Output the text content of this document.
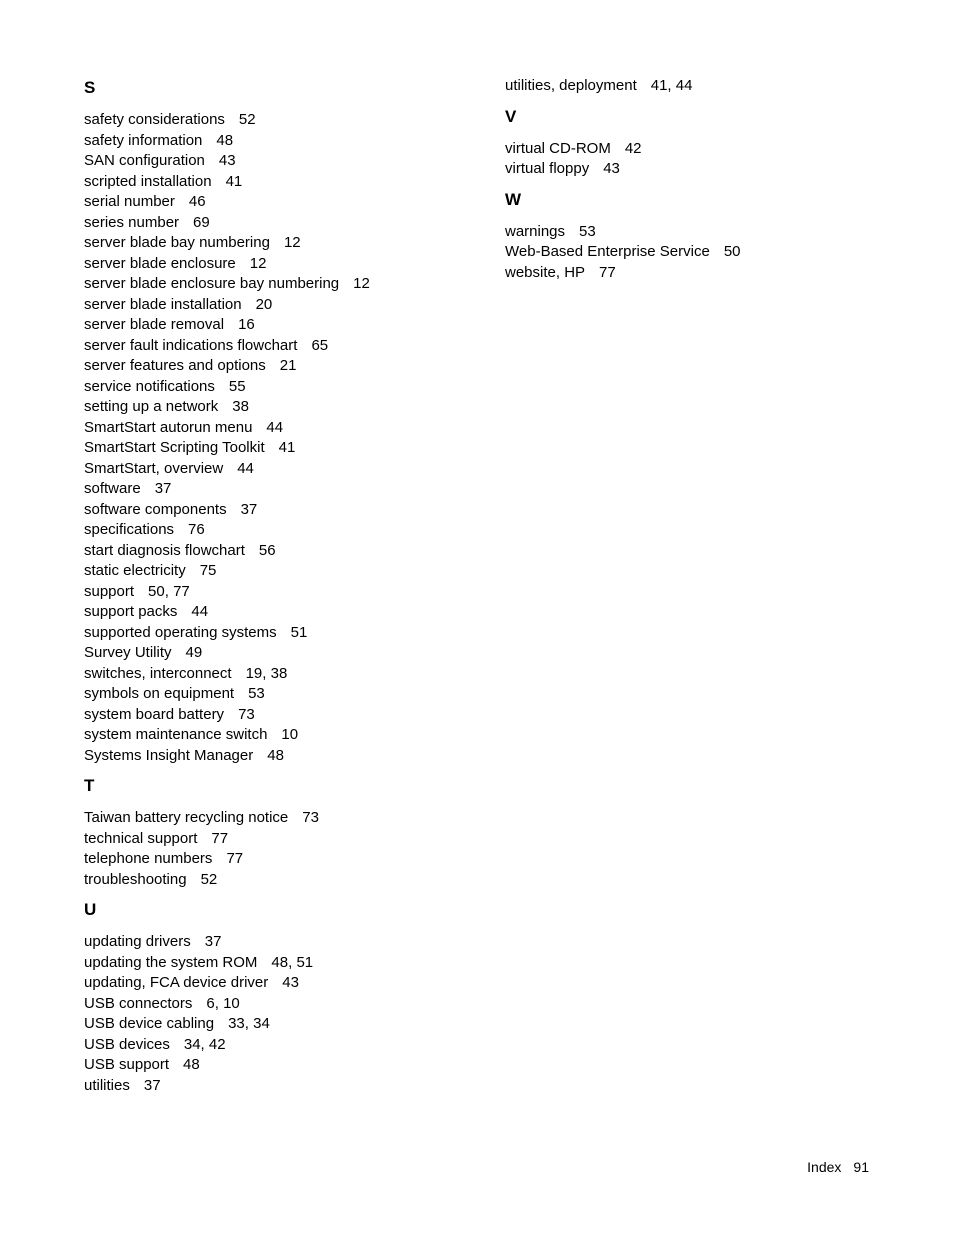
S
safety considerations 52
safety information 48
SAN configuration 43
scripted installation 41
serial number 46
series number 69
server blade bay numbering 12
server blade enclosure 12
server blade enclosure bay numbering 12
server blade installation 20
server blade removal 16
server fault indications flowchart 65
server features and options 21
service notifications 55
setting up a network 38
SmartStart autorun menu 44
SmartStart Scripting Toolkit 41
SmartStart, overview 44
software 37
software components 37
specifications 76
start diagnosis flowchart 56
static electricity 75
support 50, 77
support packs 44
supported operating systems 51
Survey Utility 49
switches, interconnect 19, 38
symbols on equipment 53
system board battery 73
system maintenance switch 10
Systems Insight Manager 48
T
Taiwan battery recycling notice 73
technical support 77
telephone numbers 77
troubleshooting 52
U
updating drivers 37
updating the system ROM 48, 51
updating, FCA device driver 43
USB connectors 6, 10
USB device cabling 33, 34
USB devices 34, 42
USB support 48
utilities 37
utilities, deployment 41, 44
V
virtual CD-ROM 42
virtual floppy 43
W
warnings 53
Web-Based Enterprise Service 50
website, HP 77
Index 91
